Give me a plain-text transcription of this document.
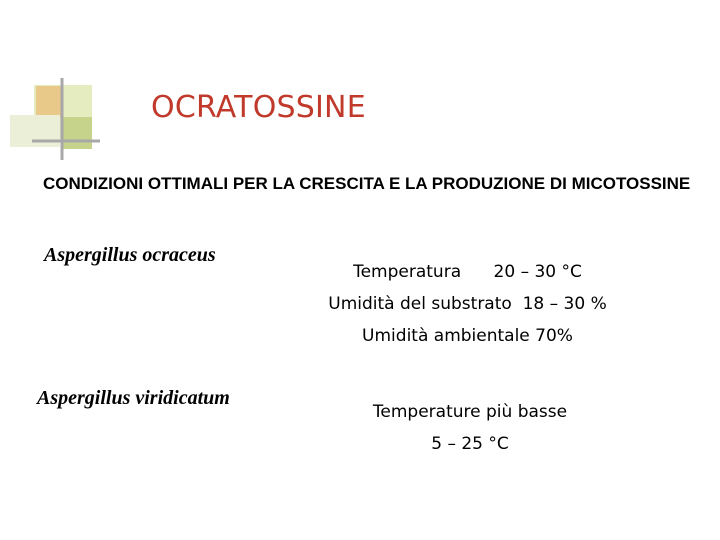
OCRATOSSINE
CONDIZIONI OTTIMALI PER LA CRESCITA E LA PRODUZIONE DI MICOTOSSINE
Aspergillus ocraceus
Temperatura      20 – 30 °C
Umidità del substrato  18 – 30 %
Umidità ambientale 70%
Aspergillus viridicatum
Temperature più basse
5 – 25 °C
